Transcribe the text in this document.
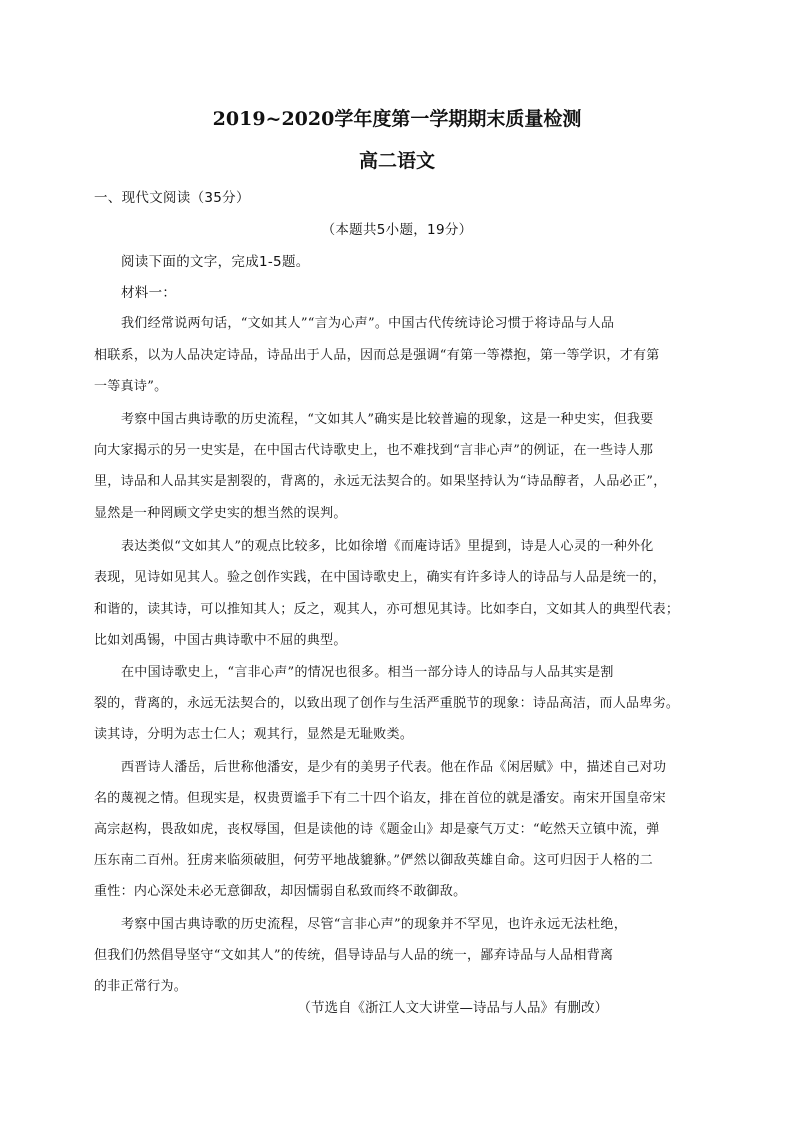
2019~2020学年度第一学期期末质量检测
高二语文
一、现代文阅读（35分）
（本题共5小题，19分）
阅读下面的文字，完成1-5题。
材料一：
我们经常说两句话，“文如其人”“言为心声”。中国古代传统诗论习惯于将诗品与人品
相联系，以为人品决定诗品，诗品出于人品，因而总是强调“有第一等襟抱，第一等学识，才有第
一等真诗”。
考察中国古典诗歌的历史流程，“文如其人”确实是比较普遍的现象，这是一种史实，但我要
向大家揭示的另一史实是，在中国古代诗歌史上，也不难找到“言非心声”的例证，在一些诗人那
里，诗品和人品其实是割裂的，背离的，永远无法契合的。如果坚持认为“诗品醇者，人品必正”，
显然是一种罔顾文学史实的想当然的误判。
表达类似“文如其人”的观点比较多，比如徐增《而庵诗话》里提到，诗是人心灵的一种外化
表现，见诗如见其人。验之创作实践，在中国诗歌史上，确实有许多诗人的诗品与人品是统一的，
和谐的，读其诗，可以推知其人；反之，观其人，亦可想见其诗。比如李白，文如其人的典型代表；
比如刘禹锡，中国古典诗歌中不屈的典型。
在中国诗歌史上，“言非心声”的情况也很多。相当一部分诗人的诗品与人品其实是割
裂的，背离的，永远无法契合的，以致出现了创作与生活严重脱节的现象：诗品高洁，而人品卑劣。
读其诗，分明为志士仁人；观其行，显然是无耻败类。
西晋诗人潘岳，后世称他潘安，是少有的美男子代表。他在作品《闲居赋》中，描述自己对功
名的蔑视之情。但现实是，权贵贾谧手下有二十四个谄友，排在首位的就是潘安。南宋开国皇帝宋
高宗赵构，畏敌如虎，丧权辱国，但是读他的诗《题金山》却是豪气万丈：“屹然天立镇中流，弹
压东南二百州。狂虏来临须破胆，何劳平地战貔貅。”俨然以御敌英雄自命。这可归因于人格的二
重性：内心深处未必无意御敌，却因懦弱自私致而终不敢御敌。
考察中国古典诗歌的历史流程，尽管“言非心声”的现象并不罕见，也许永远无法杜绝，
但我们仍然倡导坚守“文如其人”的传统，倡导诗品与人品的统一，鄙弃诗品与人品相背离
的非正常行为。
（节选自《浙江人文大讲堂—诗品与人品》有删改）
